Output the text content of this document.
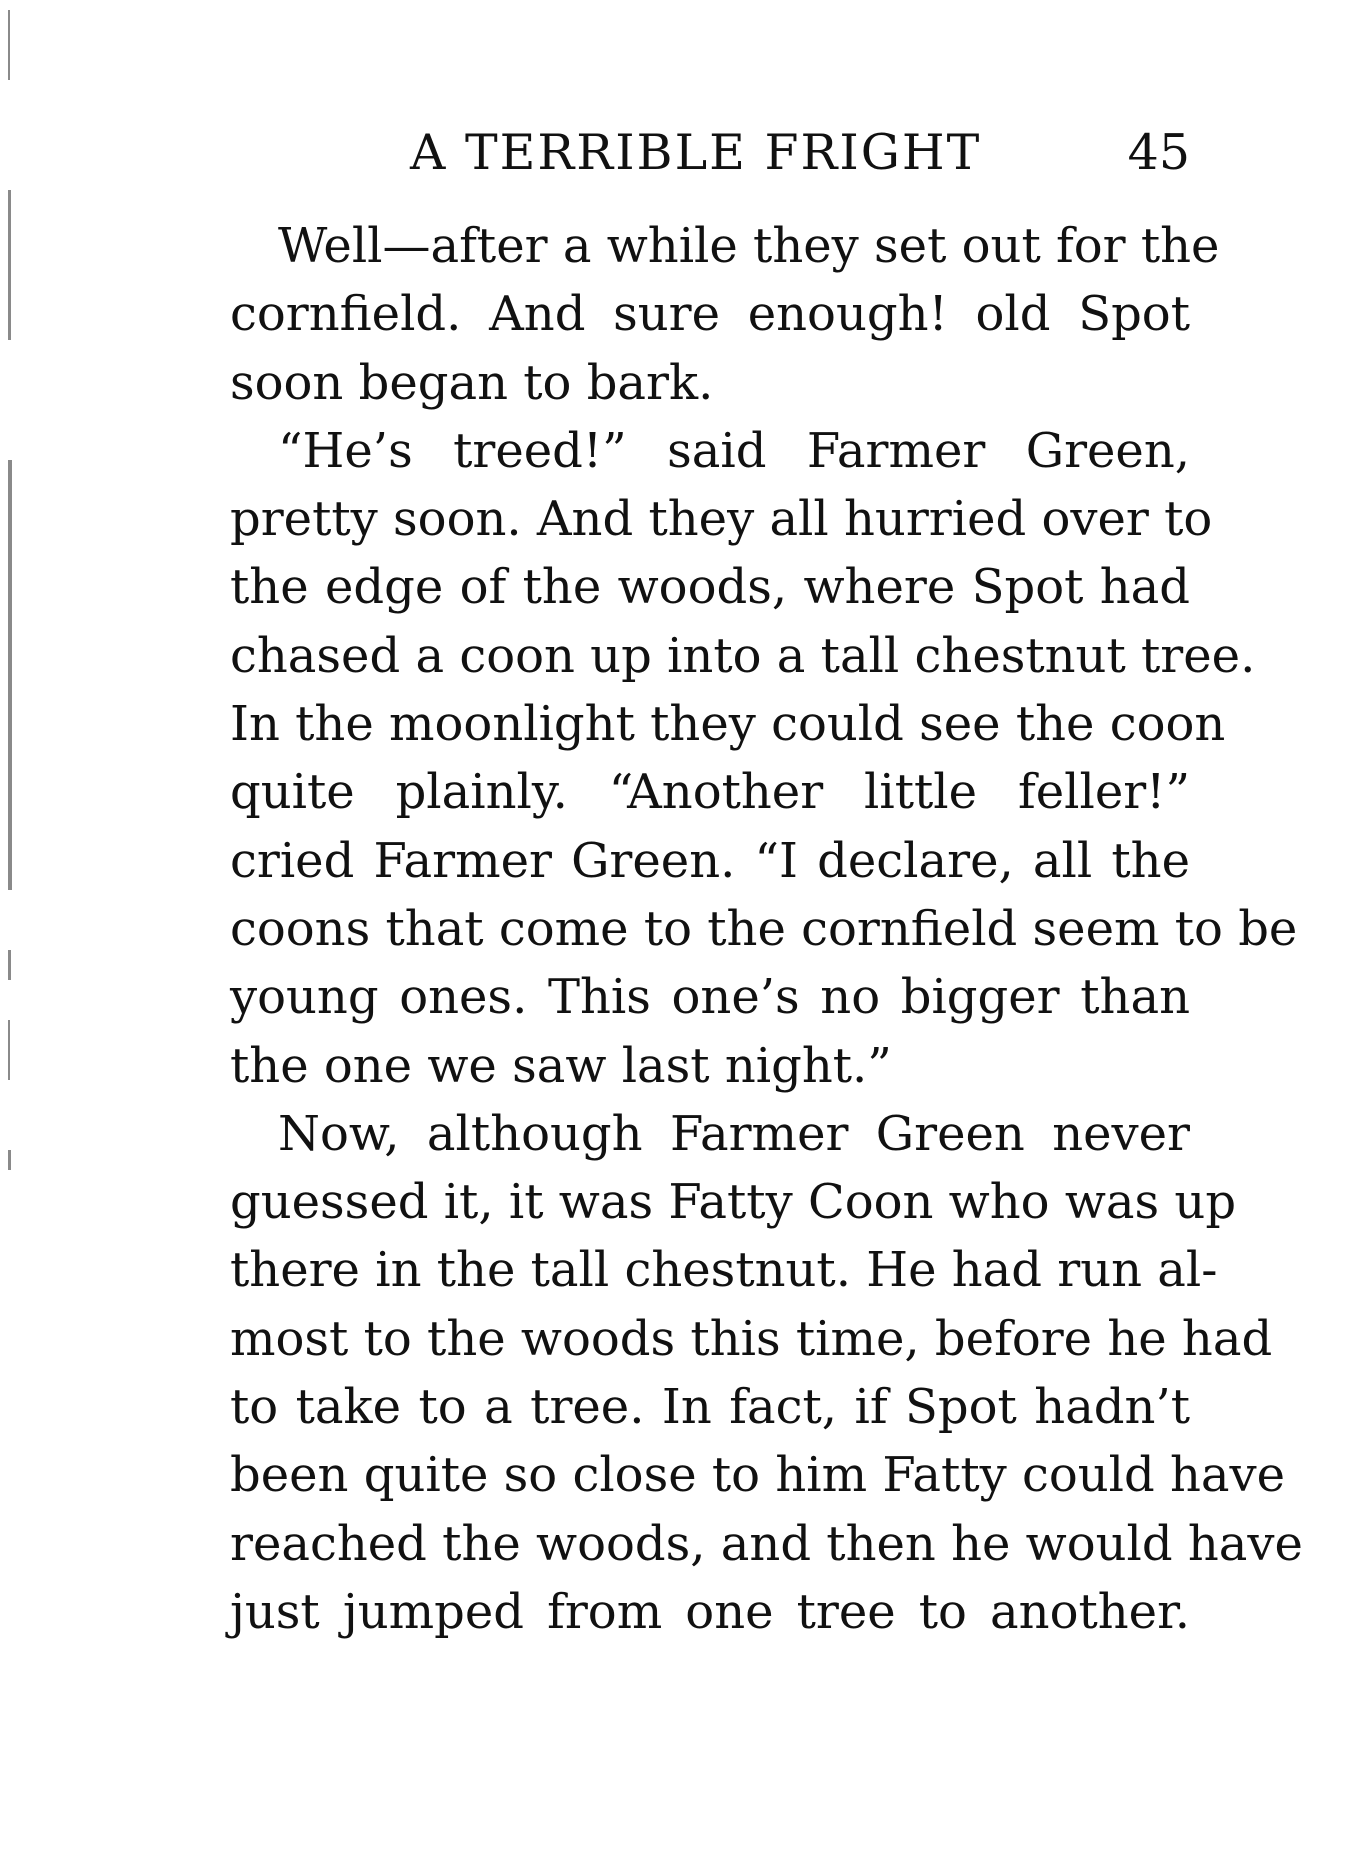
A TERRIBLE FRIGHT	45

Well—after a while they set out for the
cornfield. And sure enough! old Spot
soon began to bark.

“He’s treed!” said Farmer Green,
pretty soon. And they all hurried over to
the edge of the woods, where Spot had
chased a coon up into a tall chestnut tree.
In the moonlight they could see the coon
quite plainly. “Another little feller!”
cried Farmer Green. “I declare, all the
coons that come to the cornfield seem to be
young ones. This one’s no bigger than
the one we saw last night.”

Now, although Farmer Green never
guessed it, it was Fatty Coon who was up
there in the tall chestnut. He had run al-
most to the woods this time, before he had
to take to a tree. In fact, if Spot hadn’t
been quite so close to him Fatty could have
reached the woods, and then he would have
just jumped from one tree to another.
